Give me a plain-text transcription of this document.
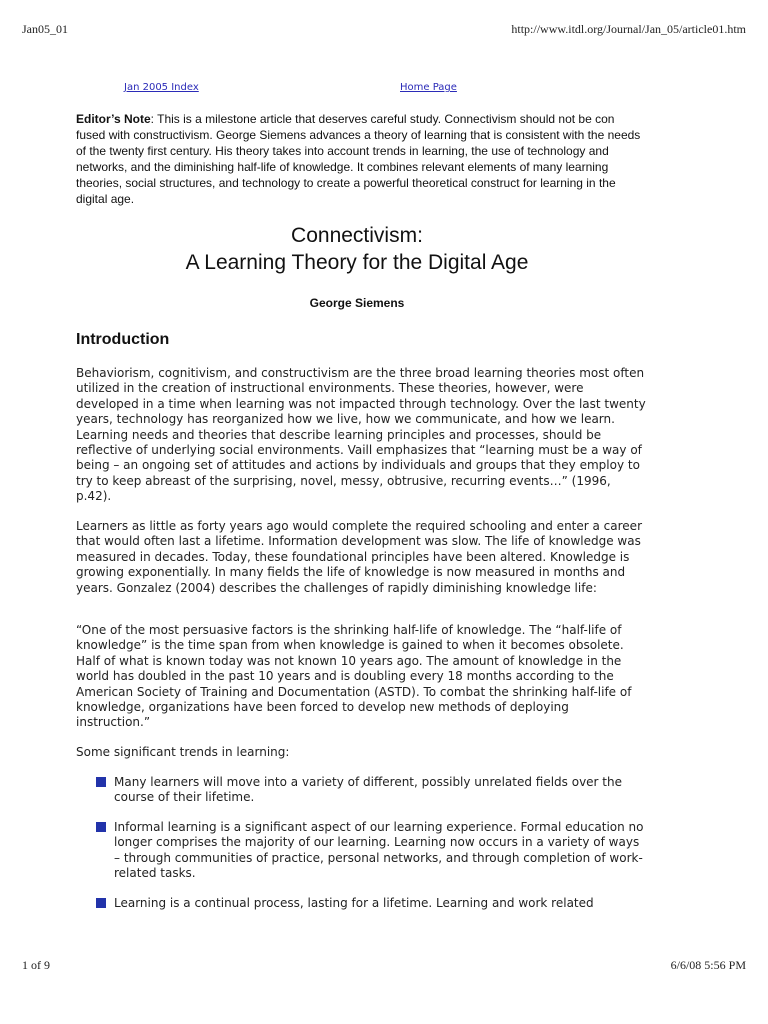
Jan05_01	http://www.itdl.org/Journal/Jan_05/article01.htm
Jan 2005 Index	Home Page
Editor’s Note: This is a milestone article that deserves careful study. Connectivism should not be con fused with constructivism. George Siemens advances a theory of learning that is consistent with the needs of the twenty first century. His theory takes into account trends in learning, the use of technology and networks, and the diminishing half-life of knowledge. It combines relevant elements of many learning theories, social structures, and technology to create a powerful theoretical construct for learning in the digital age.
Connectivism:
A Learning Theory for the Digital Age
George Siemens
Introduction

Behaviorism, cognitivism, and constructivism are the three broad learning theories most often utilized in the creation of instructional environments. These theories, however, were developed in a time when learning was not impacted through technology. Over the last twenty years, technology has reorganized how we live, how we communicate, and how we learn. Learning needs and theories that describe learning principles and processes, should be reflective of underlying social environments. Vaill emphasizes that “learning must be a way of being – an ongoing set of attitudes and actions by individuals and groups that they employ to try to keep abreast of the surprising, novel, messy, obtrusive, recurring events…” (1996, p.42).

Learners as little as forty years ago would complete the required schooling and enter a career that would often last a lifetime. Information development was slow. The life of knowledge was measured in decades. Today, these foundational principles have been altered. Knowledge is growing exponentially. In many fields the life of knowledge is now measured in months and years. Gonzalez (2004) describes the challenges of rapidly diminishing knowledge life:

“One of the most persuasive factors is the shrinking half-life of knowledge. The “half-life of knowledge” is the time span from when knowledge is gained to when it becomes obsolete. Half of what is known today was not known 10 years ago. The amount of knowledge in the world has doubled in the past 10 years and is doubling every 18 months according to the American Society of Training and Documentation (ASTD). To combat the shrinking half-life of knowledge, organizations have been forced to develop new methods of deploying instruction.”

Some significant trends in learning:

Many learners will move into a variety of different, possibly unrelated fields over the course of their lifetime.
Informal learning is a significant aspect of our learning experience. Formal education no longer comprises the majority of our learning. Learning now occurs in a variety of ways – through communities of practice, personal networks, and through completion of work-related tasks.
Learning is a continual process, lasting for a lifetime. Learning and work related
1 of 9	6/6/08 5:56 PM
